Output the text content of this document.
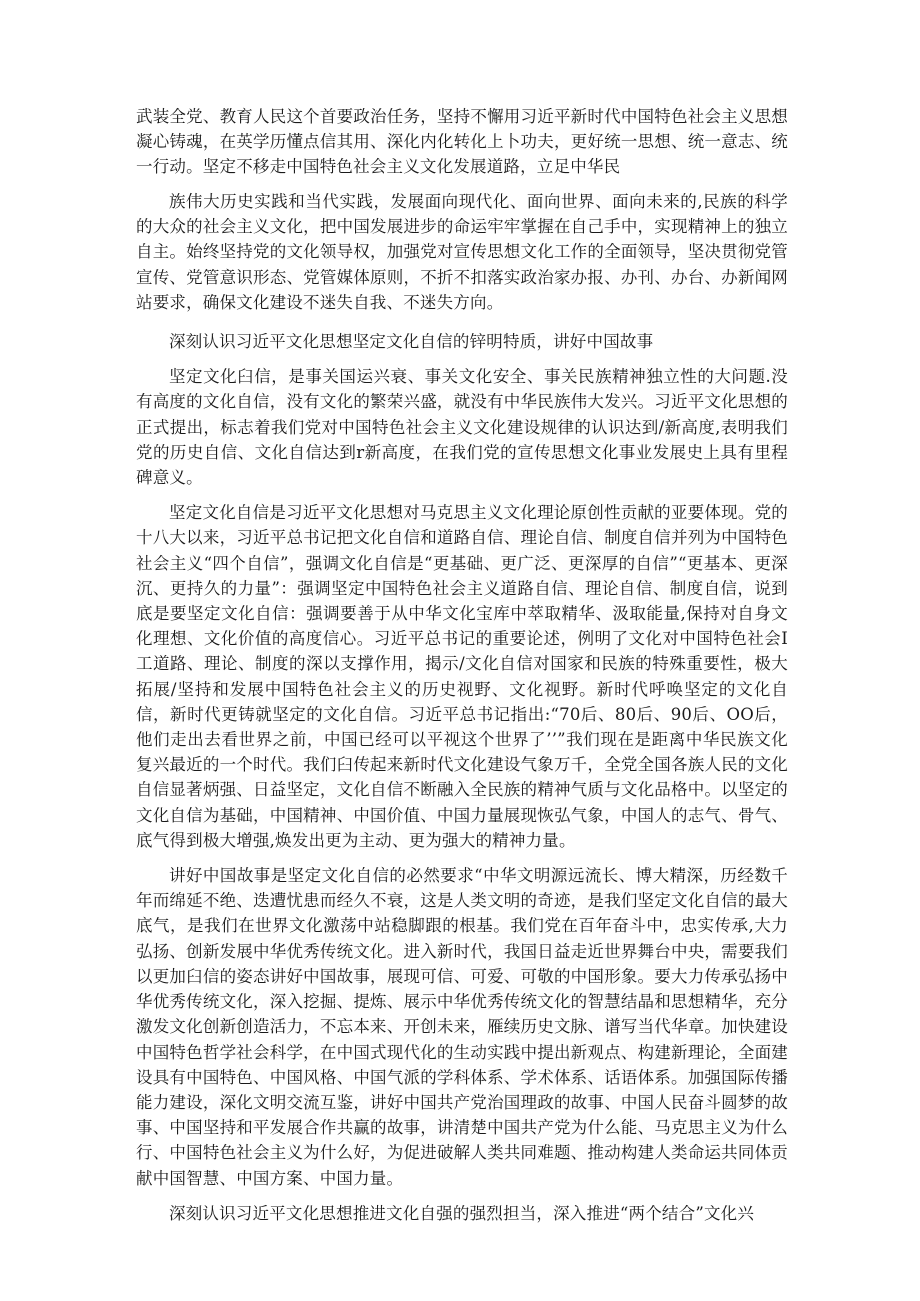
武装全党、教育人民这个首要政治任务，坚持不懈用习近平新时代中国特色社会主义思想凝心铸魂，在英学历懂点信其用、深化内化转化上卜功夫，更好统一思想、统一意志、统一行动。坚定不移走中国特色社会主义文化发展道路，立足中华民

族伟大历史实践和当代实践，发展面向现代化、面向世界、面向未来的,民族的科学的大众的社会主义文化，把中国发展进步的命运牢牢掌握在自己手中，实现精神上的独立自主。始终坚持党的文化领导权，加强党对宣传思想文化工作的全面领导，坚决贯彻党管宣传、党管意识形态、党管媒体原则，不折不扣落实政治家办报、办刊、办台、办新闻网站要求，确保文化建设不迷失自我、不迷失方向。

深刻认识习近平文化思想坚定文化自信的锌明特质，讲好中国故事

坚定文化臼信，是事关国运兴衰、事关文化安全、事关民族精神独立性的大问题.没有高度的文化自信，没有文化的繁荣兴盛，就没有中华民族伟大发兴。习近平文化思想的正式提出，标志着我们党对中国特色社会主义文化建设规律的认识达到/新高度,表明我们党的历史自信、文化自信达到r新高度，在我们党的宣传思想文化事业发展史上具有里程碑意义。

坚定文化自信是习近平文化思想对马克思主义文化理论原创性贡献的亚要体现。党的十八大以来，习近平总书记把文化自信和道路自信、理论自信、制度自信并列为中国特色社会主义“四个自信”，强调文化自信是“更基础、更广泛、更深厚的自信”“更基本、更深沉、更持久的力量”：强调坚定中国特色社会主义道路自信、理论自信、制度自信，说到底是要坚定文化自信：强调要善于从中华文化宝库中萃取精华、汲取能量,保持对自身文化理想、文化价值的高度信心。习近平总书记的重要论述，例明了文化对中国特色社会I工道路、理论、制度的深以支撑作用，揭示/文化自信对国家和民族的特殊重要性，极大拓展/坚持和发展中国特色社会主义的历史视野、文化视野。新时代呼唤坚定的文化自信，新时代更铸就坚定的文化自信。习近平总书记指出:“70后、80后、90后、OO后，他们走出去看世界之前，中国已经可以平视这个世界了’’”我们现在是距离中华民族文化复兴最近的一个时代。我们臼传起来新时代文化建设气象万千，全党全国各族人民的文化自信显著炳强、日益坚定，文化自信不断融入全民族的精神气质与文化品格中。以坚定的文化自信为基础，中国精神、中国价值、中国力量展现恢弘气象，中国人的志气、骨气、底气得到极大增强,焕发出更为主动、更为强大的精神力量。

讲好中国故事是坚定文化自信的必然要求“中华文明源远流长、博大精深，历经数千年而绵延不绝、迭遭忧患而经久不衰，这是人类文明的奇迹，是我们坚定文化自信的最大底气，是我们在世界文化激荡中站稳脚跟的根基。我们党在百年奋斗中，忠实传承,大力弘扬、创新发展中华优秀传统文化。进入新时代，我国日益走近世界舞台中央，需要我们以更加臼信的姿态讲好中国故事，展现可信、可爱、可敬的中国形象。要大力传承弘扬中华优秀传统文化，深入挖掘、提炼、展示中华优秀传统文化的智慧结晶和思想精华，充分激发文化创新创造活力，不忘本来、开创未来，雁续历史文脉、谱写当代华章。加快建设中国特色哲学社会科学，在中国式现代化的生动实践中提出新观点、构建新理论，全面建设具有中国特色、中国风格、中国气派的学科体系、学术体系、话语体系。加强国际传播能力建设，深化文明交流互鉴，讲好中国共产党治国理政的故事、中国人民奋斗圆梦的故事、中国坚持和平发展合作共赢的故事，讲清楚中国共产党为什么能、马克思主义为什么行、中国特色社会主义为什么好，为促进破解人类共同难题、推动构建人类命运共同体贡献中国智慧、中国方案、中国力量。

深刻认识习近平文化思想推进文化自强的强烈担当，深入推进“两个结合”文化兴
